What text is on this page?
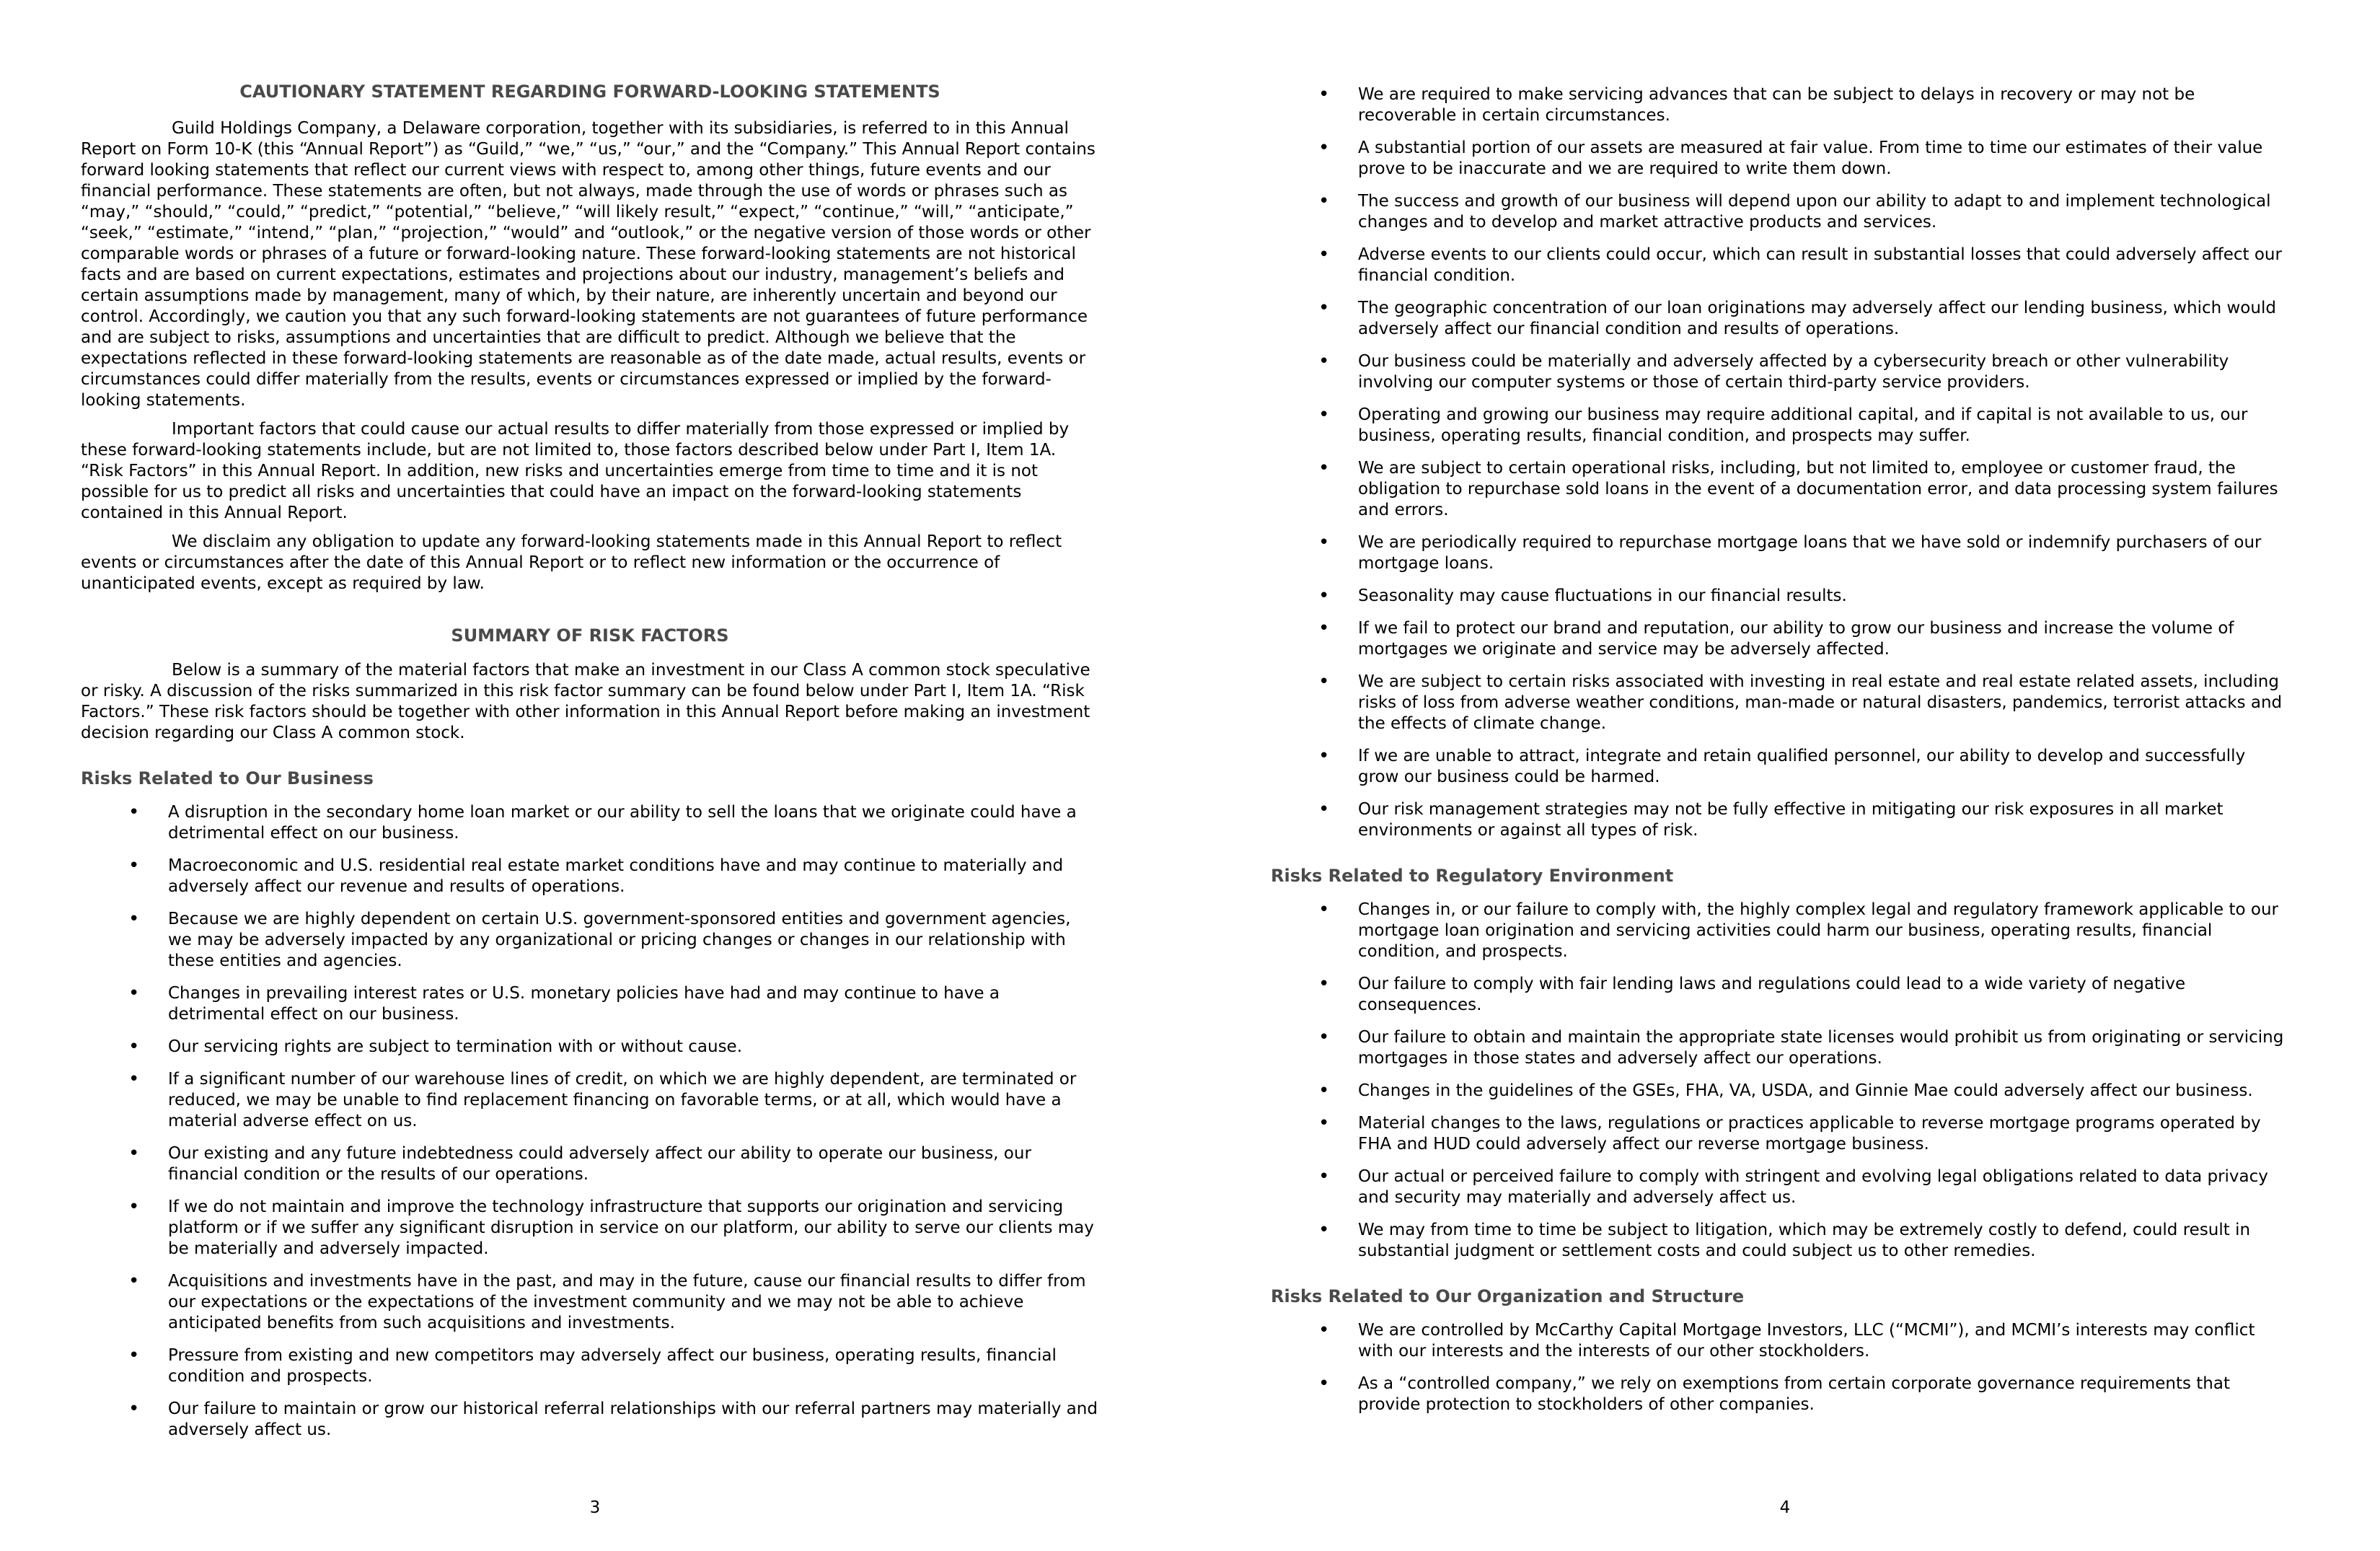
CAUTIONARY STATEMENT REGARDING FORWARD-LOOKING STATEMENTS

Guild Holdings Company, a Delaware corporation, together with its subsidiaries, is referred to in this Annual Report on Form 10-K (this “Annual Report”) as “Guild,” “we,” “us,” “our,” and the “Company.” This Annual Report contains forward looking statements that reflect our current views with respect to, among other things, future events and our financial performance. These statements are often, but not always, made through the use of words or phrases such as “may,” “should,” “could,” “predict,” “potential,” “believe,” “will likely result,” “expect,” “continue,” “will,” “anticipate,” “seek,” “estimate,” “intend,” “plan,” “projection,” “would” and “outlook,” or the negative version of those words or other comparable words or phrases of a future or forward-looking nature. These forward-looking statements are not historical facts and are based on current expectations, estimates and projections about our industry, management’s beliefs and certain assumptions made by management, many of which, by their nature, are inherently uncertain and beyond our control. Accordingly, we caution you that any such forward-looking statements are not guarantees of future performance and are subject to risks, assumptions and uncertainties that are difficult to predict. Although we believe that the expectations reflected in these forward-looking statements are reasonable as of the date made, actual results, events or circumstances could differ materially from the results, events or circumstances expressed or implied by the forward-looking statements.

Important factors that could cause our actual results to differ materially from those expressed or implied by these forward-looking statements include, but are not limited to, those factors described below under Part I, Item 1A. “Risk Factors” in this Annual Report. In addition, new risks and uncertainties emerge from time to time and it is not possible for us to predict all risks and uncertainties that could have an impact on the forward-looking statements contained in this Annual Report.

We disclaim any obligation to update any forward-looking statements made in this Annual Report to reflect events or circumstances after the date of this Annual Report or to reflect new information or the occurrence of unanticipated events, except as required by law.

SUMMARY OF RISK FACTORS

Below is a summary of the material factors that make an investment in our Class A common stock speculative or risky. A discussion of the risks summarized in this risk factor summary can be found below under Part I, Item 1A. “Risk Factors.” These risk factors should be together with other information in this Annual Report before making an investment decision regarding our Class A common stock.

Risks Related to Our Business
• A disruption in the secondary home loan market or our ability to sell the loans that we originate could have a detrimental effect on our business.
• Macroeconomic and U.S. residential real estate market conditions have and may continue to materially and adversely affect our revenue and results of operations.
• Because we are highly dependent on certain U.S. government-sponsored entities and government agencies, we may be adversely impacted by any organizational or pricing changes or changes in our relationship with these entities and agencies.
• Changes in prevailing interest rates or U.S. monetary policies have had and may continue to have a detrimental effect on our business.
• Our servicing rights are subject to termination with or without cause.
• If a significant number of our warehouse lines of credit, on which we are highly dependent, are terminated or reduced, we may be unable to find replacement financing on favorable terms, or at all, which would have a material adverse effect on us.
• Our existing and any future indebtedness could adversely affect our ability to operate our business, our financial condition or the results of our operations.
• If we do not maintain and improve the technology infrastructure that supports our origination and servicing platform or if we suffer any significant disruption in service on our platform, our ability to serve our clients may be materially and adversely impacted.
• Acquisitions and investments have in the past, and may in the future, cause our financial results to differ from our expectations or the expectations of the investment community and we may not be able to achieve anticipated benefits from such acquisitions and investments.
• Pressure from existing and new competitors may adversely affect our business, operating results, financial condition and prospects.
• Our failure to maintain or grow our historical referral relationships with our referral partners may materially and adversely affect us.
3
• We are required to make servicing advances that can be subject to delays in recovery or may not be recoverable in certain circumstances.
• A substantial portion of our assets are measured at fair value. From time to time our estimates of their value prove to be inaccurate and we are required to write them down.
• The success and growth of our business will depend upon our ability to adapt to and implement technological changes and to develop and market attractive products and services.
• Adverse events to our clients could occur, which can result in substantial losses that could adversely affect our financial condition.
• The geographic concentration of our loan originations may adversely affect our lending business, which would adversely affect our financial condition and results of operations.
• Our business could be materially and adversely affected by a cybersecurity breach or other vulnerability involving our computer systems or those of certain third-party service providers.
• Operating and growing our business may require additional capital, and if capital is not available to us, our business, operating results, financial condition, and prospects may suffer.
• We are subject to certain operational risks, including, but not limited to, employee or customer fraud, the obligation to repurchase sold loans in the event of a documentation error, and data processing system failures and errors.
• We are periodically required to repurchase mortgage loans that we have sold or indemnify purchasers of our mortgage loans.
• Seasonality may cause fluctuations in our financial results.
• If we fail to protect our brand and reputation, our ability to grow our business and increase the volume of mortgages we originate and service may be adversely affected.
• We are subject to certain risks associated with investing in real estate and real estate related assets, including risks of loss from adverse weather conditions, man-made or natural disasters, pandemics, terrorist attacks and the effects of climate change.
• If we are unable to attract, integrate and retain qualified personnel, our ability to develop and successfully grow our business could be harmed.
• Our risk management strategies may not be fully effective in mitigating our risk exposures in all market environments or against all types of risk.
Risks Related to Regulatory Environment
• Changes in, or our failure to comply with, the highly complex legal and regulatory framework applicable to our mortgage loan origination and servicing activities could harm our business, operating results, financial condition, and prospects.
• Our failure to comply with fair lending laws and regulations could lead to a wide variety of negative consequences.
• Our failure to obtain and maintain the appropriate state licenses would prohibit us from originating or servicing mortgages in those states and adversely affect our operations.
• Changes in the guidelines of the GSEs, FHA, VA, USDA, and Ginnie Mae could adversely affect our business.
• Material changes to the laws, regulations or practices applicable to reverse mortgage programs operated by FHA and HUD could adversely affect our reverse mortgage business.
• Our actual or perceived failure to comply with stringent and evolving legal obligations related to data privacy and security may materially and adversely affect us.
• We may from time to time be subject to litigation, which may be extremely costly to defend, could result in substantial judgment or settlement costs and could subject us to other remedies.
Risks Related to Our Organization and Structure
• We are controlled by McCarthy Capital Mortgage Investors, LLC (“MCMI”), and MCMI’s interests may conflict with our interests and the interests of our other stockholders.
• As a “controlled company,” we rely on exemptions from certain corporate governance requirements that provide protection to stockholders of other companies.
4
